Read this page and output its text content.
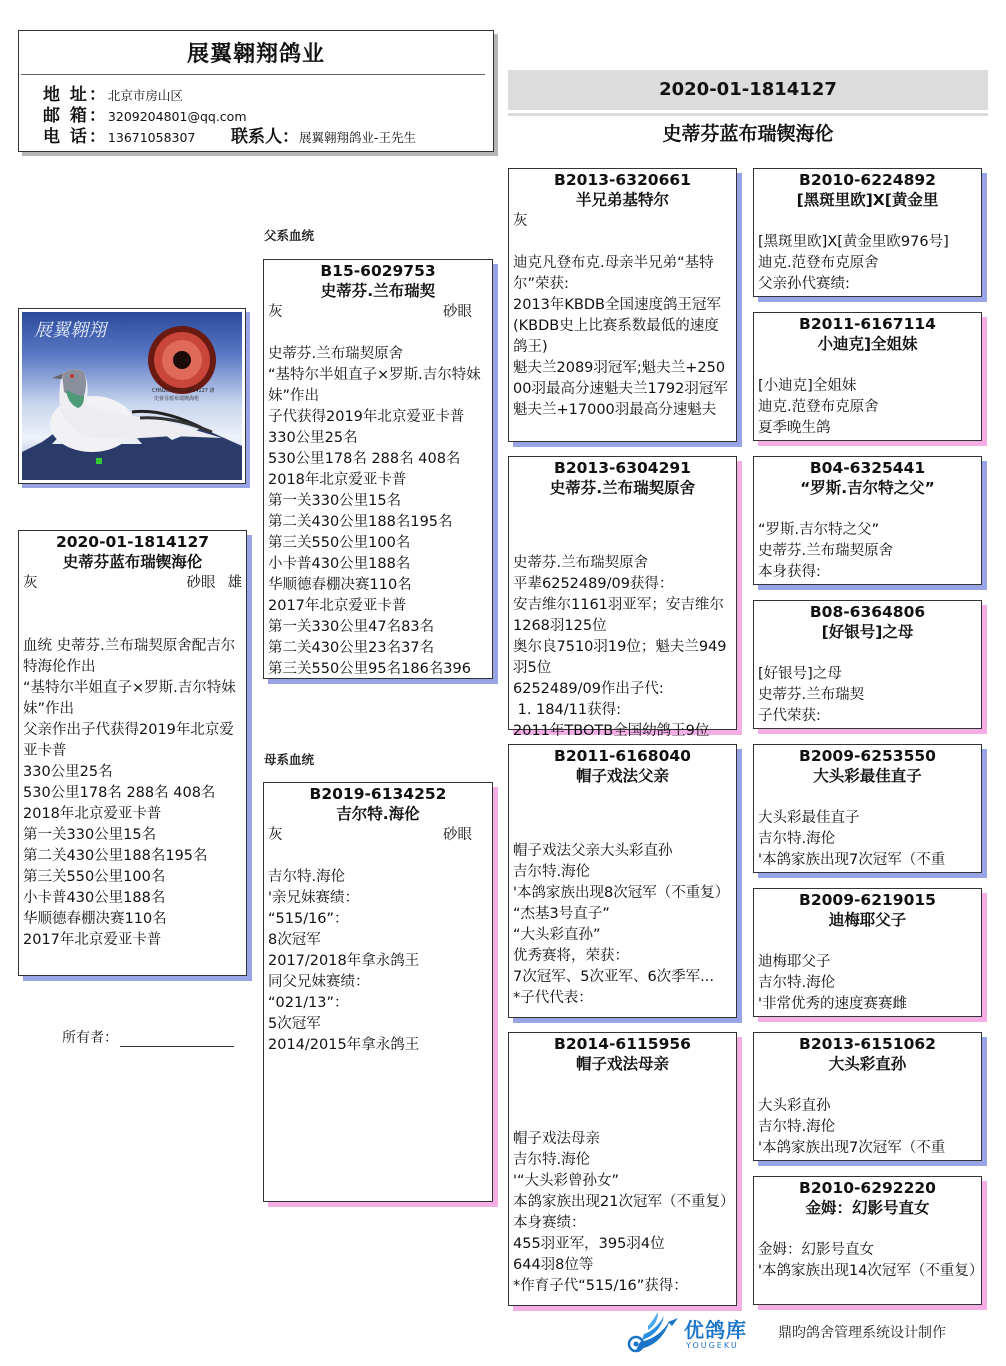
展翼翱翔鸽业
地 址：北京市房山区
邮 箱：3209204801@qq.com
电 话：13671058307 联系人：展翼翱翔鸽业-王先生
2020-01-1814127
史蒂芬蓝布瑞锲海伦
展翼翱翔
CHN2020-01-1814127 雄
史蒂芬蓝布瑞锲海伦
2020-01-1814127
史蒂芬蓝布瑞锲海伦
灰	砂眼 雄
血统 史蒂芬.兰布瑞契原舍配吉尔特海伦作出
“基特尔半姐直子×罗斯.吉尔特妹妹”作出
父亲作出子代获得2019年北京爱亚卡普
330公里25名
530公里178名 288名 408名
2018年北京爱亚卡普
第一关330公里15名
第二关430公里188名195名
第三关550公里100名
小卡普430公里188名
华顺德春棚决赛110名
2017年北京爱亚卡普
所有者：
父系血统
母系血统
B15-6029753
史蒂芬.兰布瑞契
灰	砂眼
史蒂芬.兰布瑞契原舍
“基特尔半姐直子×罗斯.吉尔特妹妹”作出
子代获得2019年北京爱亚卡普
330公里25名
530公里178名 288名 408名
2018年北京爱亚卡普
第一关330公里15名
第二关430公里188名195名
第三关550公里100名
小卡普430公里188名
华顺德春棚决赛110名
2017年北京爱亚卡普
第一关330公里47名83名
第二关430公里23名37名
第三关550公里95名186名396
B2019-6134252
吉尔特.海伦
灰	砂眼
吉尔特.海伦
'亲兄妹赛绩：
“515/16”：
8次冠军
2017/2018年拿永鸽王
同父兄妹赛绩：
“021/13”：
5次冠军
2014/2015年拿永鸽王
B2013-6320661
半兄弟基特尔
灰
迪克凡登布克.母亲半兄弟“基特尔”荣获:
2013年KBDB全国速度鸽王冠军(KBDB史上比赛系数最低的速度鸽王)
魁夫兰2089羽冠军;魁夫兰+25000羽最高分速魁夫兰1792羽冠军
魁夫兰+17000羽最高分速魁夫
B2013-6304291
史蒂芬.兰布瑞契原舍
史蒂芬.兰布瑞契原舍
平辈6252489/09获得：
安吉维尔1161羽亚军；安吉维尔1268羽125位
奥尔良7510羽19位；魁夫兰949羽5位
6252489/09作出子代:
1. 184/11获得:
2011年TBOTB全国幼鸽王9位
B2011-6168040
帽子戏法父亲
帽子戏法父亲大头彩直孙
吉尔特.海伦
'本鸽家族出现8次冠军（不重复）
“杰基3号直子”
“大头彩直孙”
优秀赛将，荣获：
7次冠军、5次亚军、6次季军...
*子代代表：
B2014-6115956
帽子戏法母亲
帽子戏法母亲
吉尔特.海伦
'“大头彩曾孙女”
本鸽家族出现21次冠军（不重复）
本身赛绩：
455羽亚军，395羽4位
644羽8位等
*作育子代“515/16”获得：
B2010-6224892
[黑斑里欧]X[黄金里
[黑斑里欧]X[黄金里欧976号]
迪克.范登布克原舍
父亲孙代赛绩:
B2011-6167114
小迪克]全姐妹
[小迪克]全姐妹
迪克.范登布克原舍
夏季晚生鸽
B04-6325441
“罗斯.吉尔特之父”
“罗斯.吉尔特之父”
史蒂芬.兰布瑞契原舍
本身获得:
B08-6364806
[好银号]之母
[好银号]之母
史蒂芬.兰布瑞契
子代荣获:
B2009-6253550
大头彩最佳直子
大头彩最佳直子
吉尔特.海伦
'本鸽家族出现7次冠军（不重
B2009-6219015
迪梅耶父子
迪梅耶父子
吉尔特.海伦
'非常优秀的速度赛赛雌
B2013-6151062
大头彩直孙
大头彩直孙
吉尔特.海伦
'本鸽家族出现7次冠军（不重
B2010-6292220
金姆：幻影号直女
金姆：幻影号直女
'本鸽家族出现14次冠军（不重复）
优鸽库
YOUGEKU
鼎昀鸽舍管理系统设计制作
